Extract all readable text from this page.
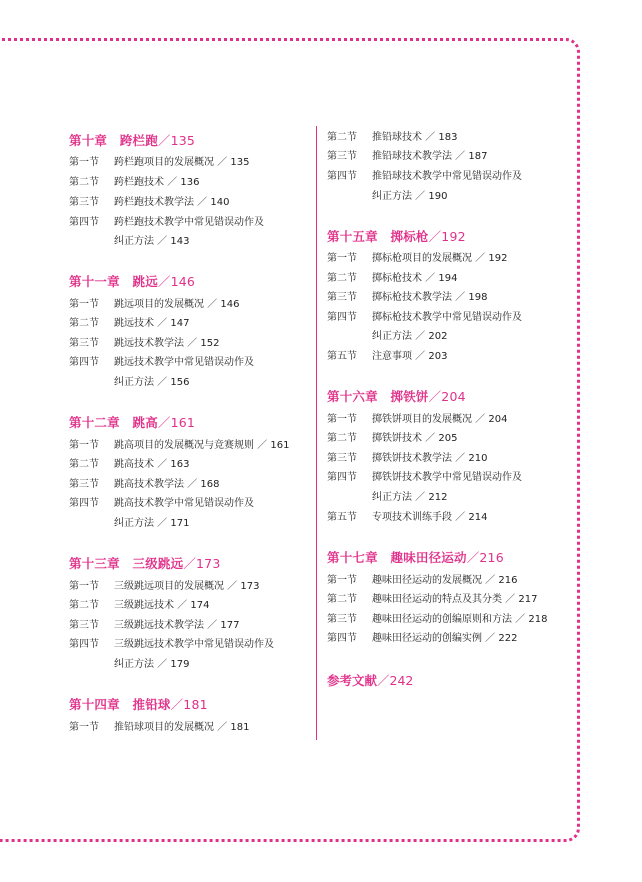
第十章　跨栏跑／135
第一节 跨栏跑项目的发展概况 ／ 135
第二节 跨栏跑技术 ／ 136
第三节 跨栏跑技术教学法 ／ 140
第四节 跨栏跑技术教学中常见错误动作及
纠正方法 ／ 143
第十一章　跳远／146
第一节 跳远项目的发展概况 ／ 146
第二节 跳远技术 ／ 147
第三节 跳远技术教学法 ／ 152
第四节 跳远技术教学中常见错误动作及
纠正方法 ／ 156
第十二章　跳高／161
第一节 跳高项目的发展概况与竞赛规则 ／ 161
第二节 跳高技术 ／ 163
第三节 跳高技术教学法 ／ 168
第四节 跳高技术教学中常见错误动作及
纠正方法 ／ 171
第十三章　三级跳远／173
第一节 三级跳远项目的发展概况 ／ 173
第二节 三级跳远技术 ／ 174
第三节 三级跳远技术教学法 ／ 177
第四节 三级跳远技术教学中常见错误动作及
纠正方法 ／ 179
第十四章　推铅球／181
第一节 推铅球项目的发展概况 ／ 181
第二节 推铅球技术 ／ 183
第三节 推铅球技术教学法 ／ 187
第四节 推铅球技术教学中常见错误动作及
纠正方法 ／ 190
第十五章　掷标枪／192
第一节 掷标枪项目的发展概况 ／ 192
第二节 掷标枪技术 ／ 194
第三节 掷标枪技术教学法 ／ 198
第四节 掷标枪技术教学中常见错误动作及
纠正方法 ／ 202
第五节 注意事项 ／ 203
第十六章　掷铁饼／204
第一节 掷铁饼项目的发展概况 ／ 204
第二节 掷铁饼技术 ／ 205
第三节 掷铁饼技术教学法 ／ 210
第四节 掷铁饼技术教学中常见错误动作及
纠正方法 ／ 212
第五节 专项技术训练手段 ／ 214
第十七章　趣味田径运动／216
第一节 趣味田径运动的发展概况 ／ 216
第二节 趣味田径运动的特点及其分类 ／ 217
第三节 趣味田径运动的创编原则和方法 ／ 218
第四节 趣味田径运动的创编实例 ／ 222
参考文献／242
